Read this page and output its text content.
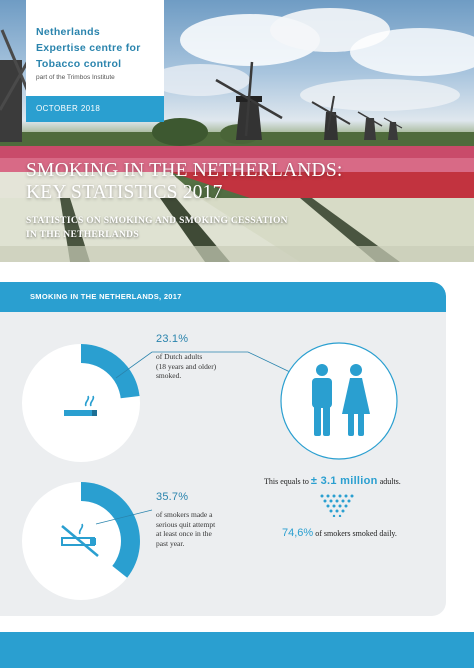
Netherlands
Expertise centre for
Tobacco control
part of the Trimbos Institute
OCTOBER 2018
SMOKING IN THE NETHERLANDS:
KEY STATISTICS 2017
STATISTICS ON SMOKING AND SMOKING CESSATION
IN THE NETHERLANDS
SMOKING IN THE NETHERLANDS, 2017
23.1%
of Dutch adults
(18 years and older)
smoked.
35.7%
of smokers made a
serious quit attempt
at least once in the
past year.
This equals to ± 3.1 million adults.
74,6% of smokers smoked daily.
